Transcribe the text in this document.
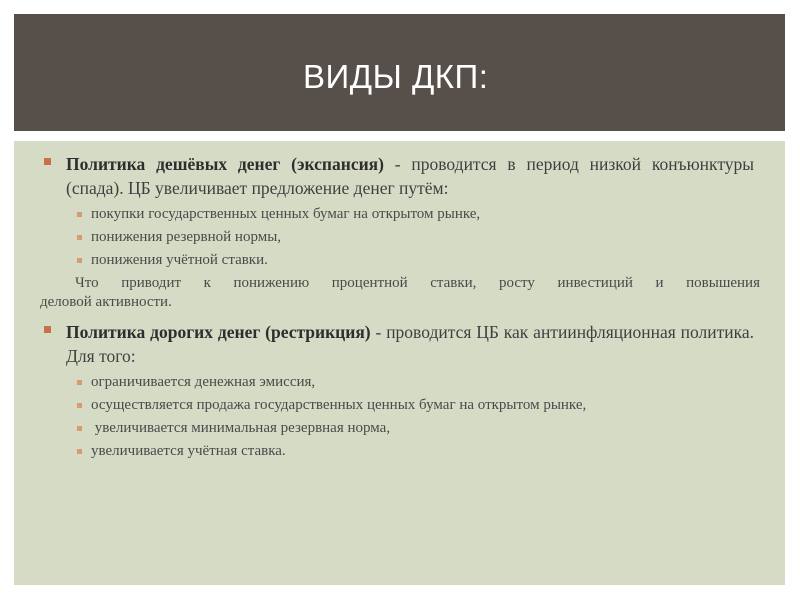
ВИДЫ ДКП:
Политика дешёвых денег (экспансия) - проводится в период низкой конъюнктуры (спада). ЦБ увеличивает предложение денег путём:
покупки государственных ценных бумаг на открытом рынке,
понижения резервной нормы,
понижения учётной ставки.
Что приводит к понижению процентной ставки, росту инвестиций и повышения
деловой активности.
Политика дорогих денег (рестрикция) - проводится ЦБ как антиинфляционная политика. Для того:
ограничивается денежная эмиссия,
осуществляется продажа государственных ценных бумаг на открытом рынке,
увеличивается минимальная резервная норма,
увеличивается учётная ставка.
